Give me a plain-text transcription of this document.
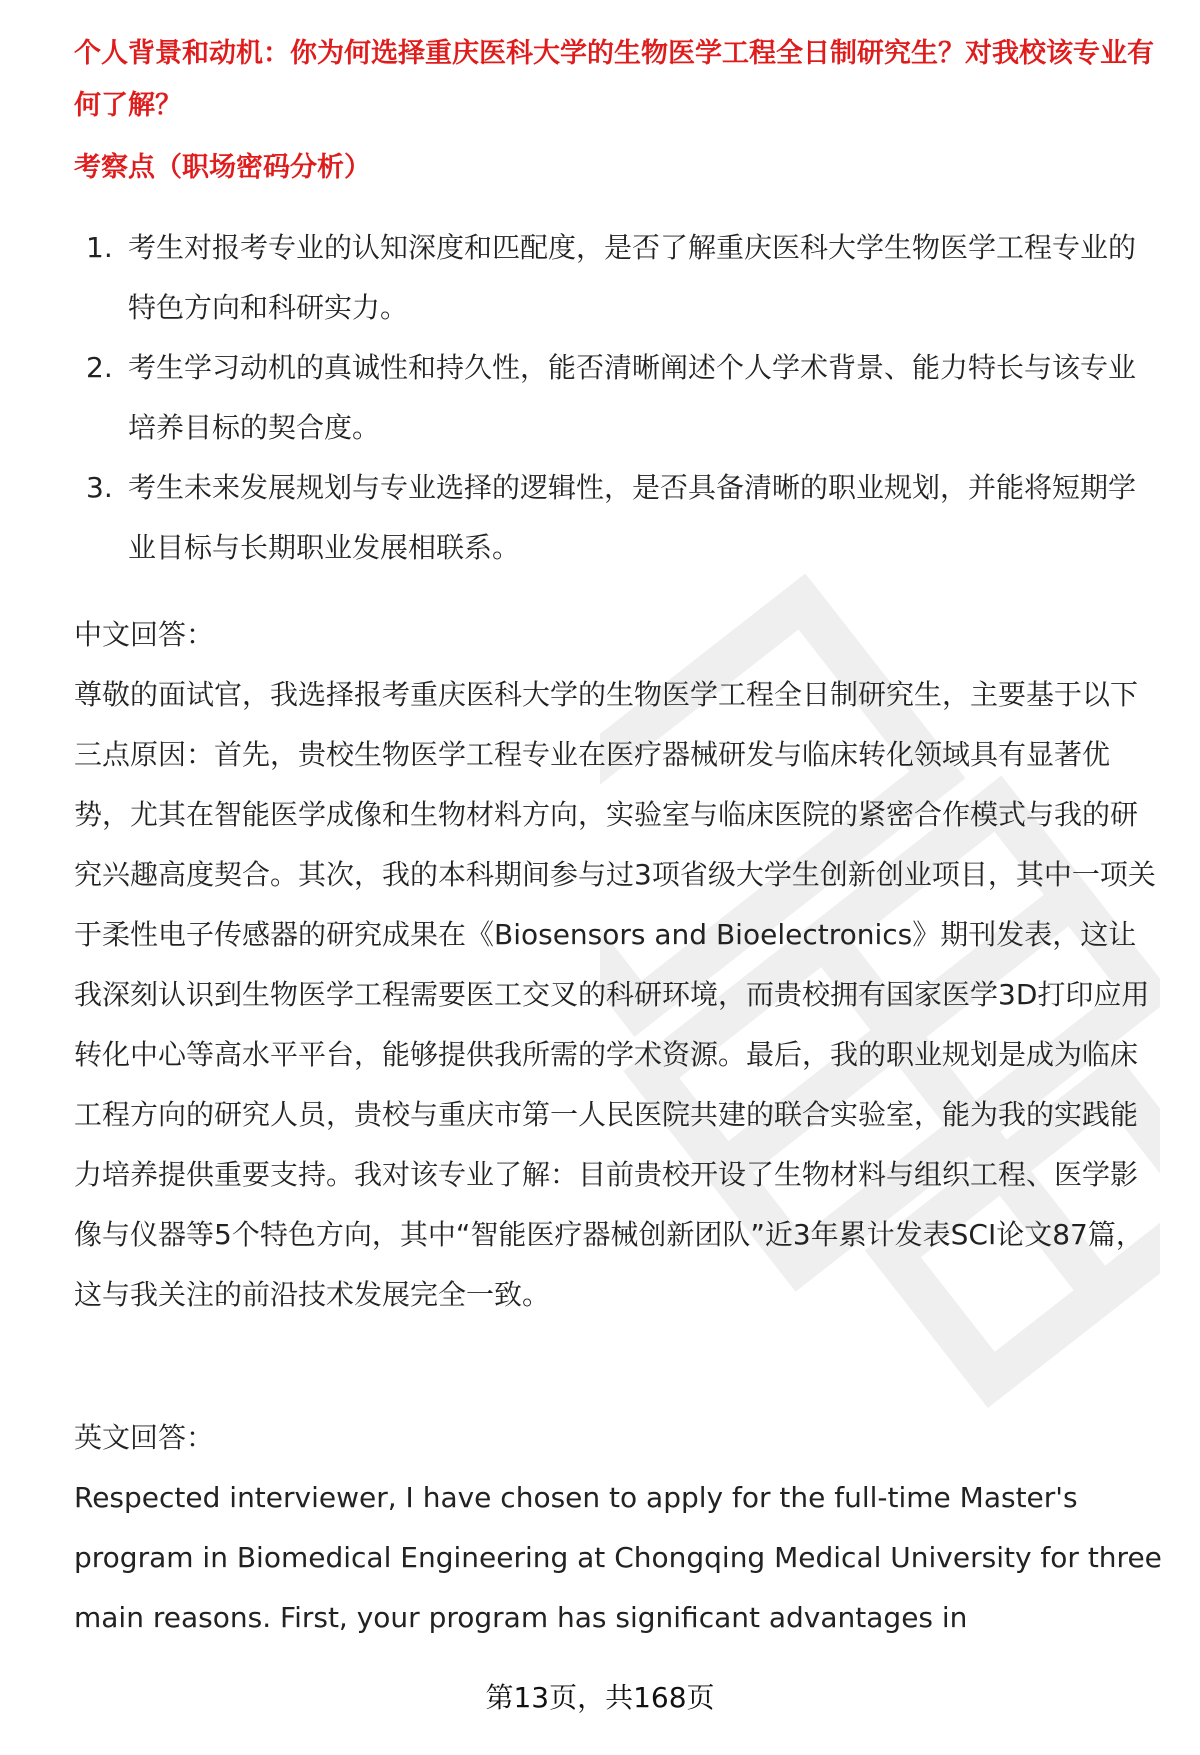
个人背景和动机：你为何选择重庆医科大学的生物医学工程全日制研究生？对我校该专业有何了解？
考察点（职场密码分析）
1. 考生对报考专业的认知深度和匹配度，是否了解重庆医科大学生物医学工程专业的特色方向和科研实力。
2. 考生学习动机的真诚性和持久性，能否清晰阐述个人学术背景、能力特长与该专业培养目标的契合度。
3. 考生未来发展规划与专业选择的逻辑性，是否具备清晰的职业规划，并能将短期学业目标与长期职业发展相联系。
中文回答：

尊敬的面试官，我选择报考重庆医科大学的生物医学工程全日制研究生，主要基于以下三点原因：首先，贵校生物医学工程专业在医疗器械研发与临床转化领域具有显著优势，尤其在智能医学成像和生物材料方向，实验室与临床医院的紧密合作模式与我的研究兴趣高度契合。其次，我的本科期间参与过3项省级大学生创新创业项目，其中一项关于柔性电子传感器的研究成果在《Biosensors and Bioelectronics》期刊发表，这让我深刻认识到生物医学工程需要医工交叉的科研环境，而贵校拥有国家医学3D打印应用转化中心等高水平平台，能够提供我所需的学术资源。最后，我的职业规划是成为临床工程方向的研究人员，贵校与重庆市第一人民医院共建的联合实验室，能为我的实践能力培养提供重要支持。我对该专业了解：目前贵校开设了生物材料与组织工程、医学影像与仪器等5个特色方向，其中“智能医疗器械创新团队”近3年累计发表SCI论文87篇，这与我关注的前沿技术发展完全一致。

英文回答：

Respected interviewer, I have chosen to apply for the full-time Master's program in Biomedical Engineering at Chongqing Medical University for three main reasons. First, your program has significant advantages in

第13页，共168页
